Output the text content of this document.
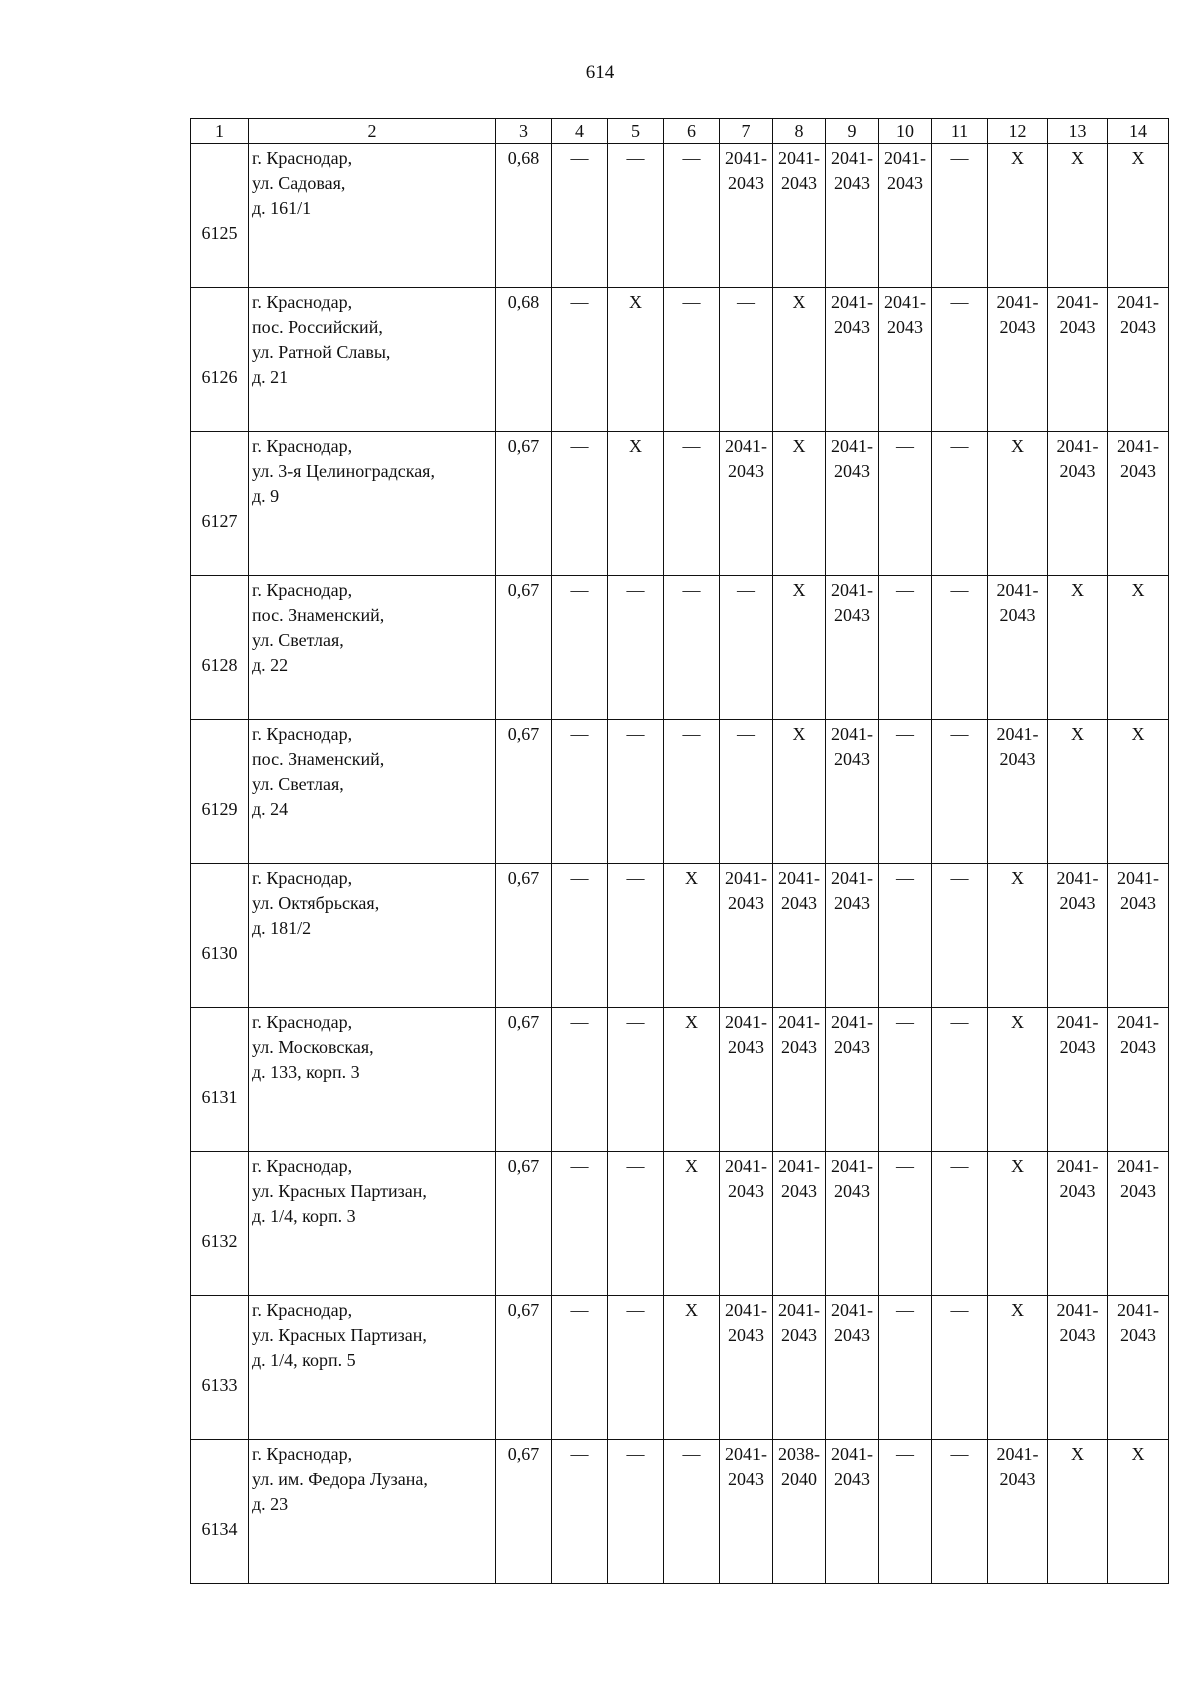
614
1	2	3	4	5	6	7	8	9	10	11	12	13	14
6125	г. Краснодар,
ул. Садовая,
д. 161/1	0,68	—	—	—	2041-
2043	2041-
2043	2041-
2043	2041-
2043	—	X	X	X
6126	г. Краснодар,
пос. Российский,
ул. Ратной Славы,
д. 21	0,68	—	X	—	—	X	2041-
2043	2041-
2043	—	2041-
2043	2041-
2043	2041-
2043

6127	г. Краснодар,
ул. 3-я Целиноградская,
д. 9	0,67	—	X	—	2041-
2043	X	2041-
2043	—	—	X	2041-
2043	2041-
2043

6128	г. Краснодар,
пос. Знаменский,
ул. Светлая,
д. 22	0,67	—	—	—	—	X	2041-
2043	—	—	2041-
2043	X	X
6129	г. Краснодар,
пос. Знаменский,
ул. Светлая,
д. 24	0,67	—	—	—	—	X	2041-
2043	—	—	2041-
2043	X	X
6130	г. Краснодар,
ул. Октябрьская,
д. 181/2	0,67	—	—	X	2041-
2043	2041-
2043	2041-
2043	—	—	X	2041-
2043	2041-
2043

6131	г. Краснодар,
ул. Московская,
д. 133, корп. 3	0,67	—	—	X	2041-
2043	2041-
2043	2041-
2043	—	—	X	2041-
2043	2041-
2043

6132	г. Краснодар,
ул. Красных Партизан,
д. 1/4, корп. 3	0,67	—	—	X	2041-
2043	2041-
2043	2041-
2043	—	—	X	2041-
2043	2041-
2043

6133	г. Краснодар,
ул. Красных Партизан,
д. 1/4, корп. 5	0,67	—	—	X	2041-
2043	2041-
2043	2041-
2043	—	—	X	2041-
2043	2041-
2043

6134	г. Краснодар,
ул. им. Федора Лузана,
д. 23	0,67	—	—	—	2041-
2043	2038-
2040	2041-
2043	—	—	2041-
2043	X	X
